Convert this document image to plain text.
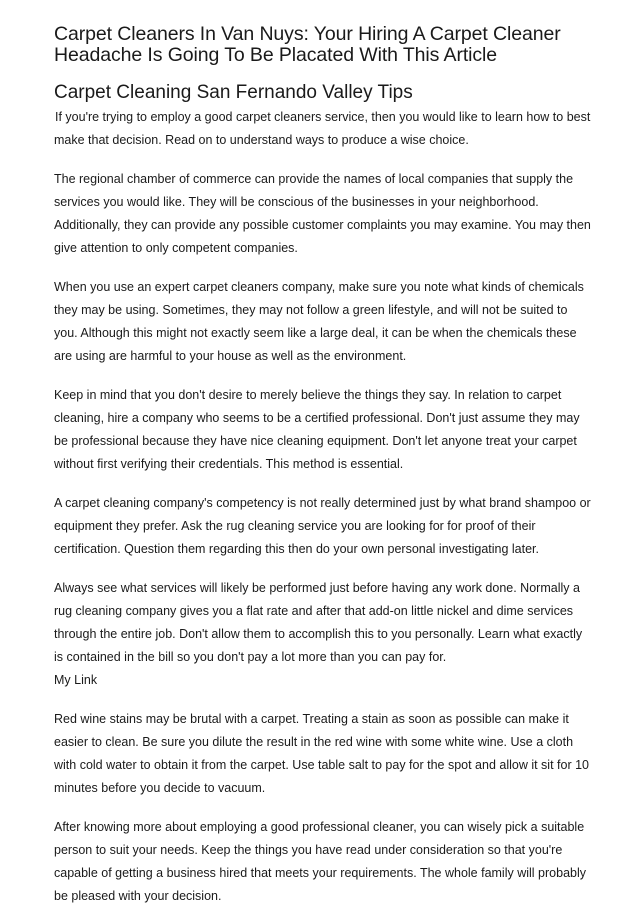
Carpet Cleaners In Van Nuys: Your Hiring A Carpet Cleaner
Headache Is Going To Be Placated With This Article
Carpet Cleaning San Fernando Valley Tips

If you're trying to employ a good carpet cleaners service, then you would like to learn how to best make that decision. Read on to understand ways to produce a wise choice.

The regional chamber of commerce can provide the names of local companies that supply the services you would like. They will be conscious of the businesses in your neighborhood. Additionally, they can provide any possible customer complaints you may examine. You may then give attention to only competent companies.

When you use an expert carpet cleaners company, make sure you note what kinds of chemicals they may be using. Sometimes, they may not follow a green lifestyle, and will not be suited to you. Although this might not exactly seem like a large deal, it can be when the chemicals these are using are harmful to your house as well as the environment.

Keep in mind that you don't desire to merely believe the things they say. In relation to carpet cleaning, hire a company who seems to be a certified professional. Don't just assume they may be professional because they have nice cleaning equipment. Don't let anyone treat your carpet without first verifying their credentials. This method is essential.

A carpet cleaning company's competency is not really determined just by what brand shampoo or equipment they prefer. Ask the rug cleaning service you are looking for for proof of their certification. Question them regarding this then do your own personal investigating later.

Always see what services will likely be performed just before having any work done. Normally a rug cleaning company gives you a flat rate and after that add-on little nickel and dime services through the entire job. Don't allow them to accomplish this to you personally. Learn what exactly is contained in the bill so you don't pay a lot more than you can pay for.
My Link

Red wine stains may be brutal with a carpet. Treating a stain as soon as possible can make it easier to clean. Be sure you dilute the result in the red wine with some white wine. Use a cloth with cold water to obtain it from the carpet. Use table salt to pay for the spot and allow it sit for 10 minutes before you decide to vacuum.

After knowing more about employing a good professional cleaner, you can wisely pick a suitable person to suit your needs. Keep the things you have read under consideration so that you're capable of getting a business hired that meets your requirements. The whole family will probably be pleased with your decision.
